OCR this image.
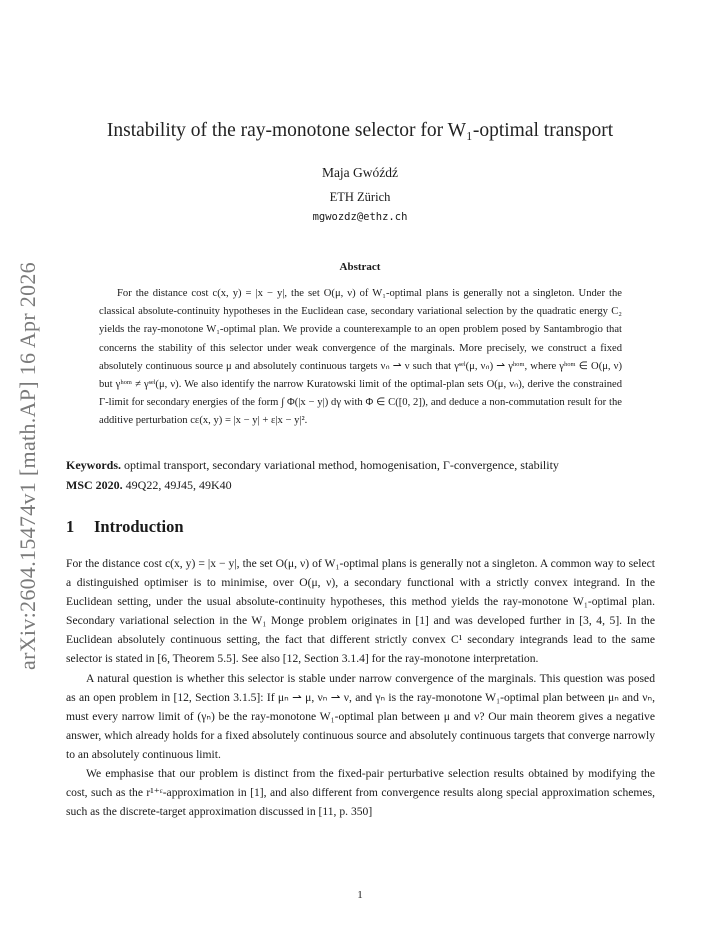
arXiv:2604.15474v1 [math.AP] 16 Apr 2026
Instability of the ray-monotone selector for W₁-optimal transport
Maja Gwóźdź
ETH Zürich
mgwozdz@ethz.ch
Abstract
For the distance cost c(x, y) = |x − y|, the set O(μ, ν) of W₁-optimal plans is generally not a singleton. Under the classical absolute-continuity hypotheses in the Euclidean case, secondary variational selection by the quadratic energy C₂ yields the ray-monotone W₁-optimal plan. We provide a counterexample to an open problem posed by Santambrogio that concerns the stability of this selector under weak convergence of the marginals. More precisely, we construct a fixed absolutely continuous source μ and absolutely continuous targets νₙ ⇀ ν such that γˢᵉˡ(μ, νₙ) ⇀ γʰᵒᵐ, where γʰᵒᵐ ∈ O(μ, ν) but γʰᵒᵐ ≠ γˢᵉˡ(μ, ν). We also identify the narrow Kuratowski limit of the optimal-plan sets O(μ, νₙ), derive the constrained Γ-limit for secondary energies of the form ∫ Φ(|x − y|) dγ with Φ ∈ C([0, 2]), and deduce a non-commutation result for the additive perturbation cε(x, y) = |x − y| + ε|x − y|².
Keywords. optimal transport, secondary variational method, homogenisation, Γ-convergence, stability
MSC 2020. 49Q22, 49J45, 49K40
1 Introduction

For the distance cost c(x, y) = |x − y|, the set O(μ, ν) of W₁-optimal plans is generally not a singleton. A common way to select a distinguished optimiser is to minimise, over O(μ, ν), a secondary functional with a strictly convex integrand. In the Euclidean setting, under the usual absolute-continuity hypotheses, this method yields the ray-monotone W₁-optimal plan. Secondary variational selection in the W₁ Monge problem originates in [1] and was developed further in [3, 4, 5]. In the Euclidean absolutely continuous setting, the fact that different strictly convex C¹ secondary integrands lead to the same selector is stated in [6, Theorem 5.5]. See also [12, Section 3.1.4] for the ray-monotone interpretation.

A natural question is whether this selector is stable under narrow convergence of the marginals. This question was posed as an open problem in [12, Section 3.1.5]: If μₙ ⇀ μ, νₙ ⇀ ν, and γₙ is the ray-monotone W₁-optimal plan between μₙ and νₙ, must every narrow limit of (γₙ) be the ray-monotone W₁-optimal plan between μ and ν? Our main theorem gives a negative answer, which already holds for a fixed absolutely continuous source and absolutely continuous targets that converge narrowly to an absolutely continuous limit.

We emphasise that our problem is distinct from the fixed-pair perturbative selection results obtained by modifying the cost, such as the r¹⁺ᵋ-approximation in [1], and also different from convergence results along special approximation schemes, such as the discrete-target approximation discussed in [11, p. 350]

1
